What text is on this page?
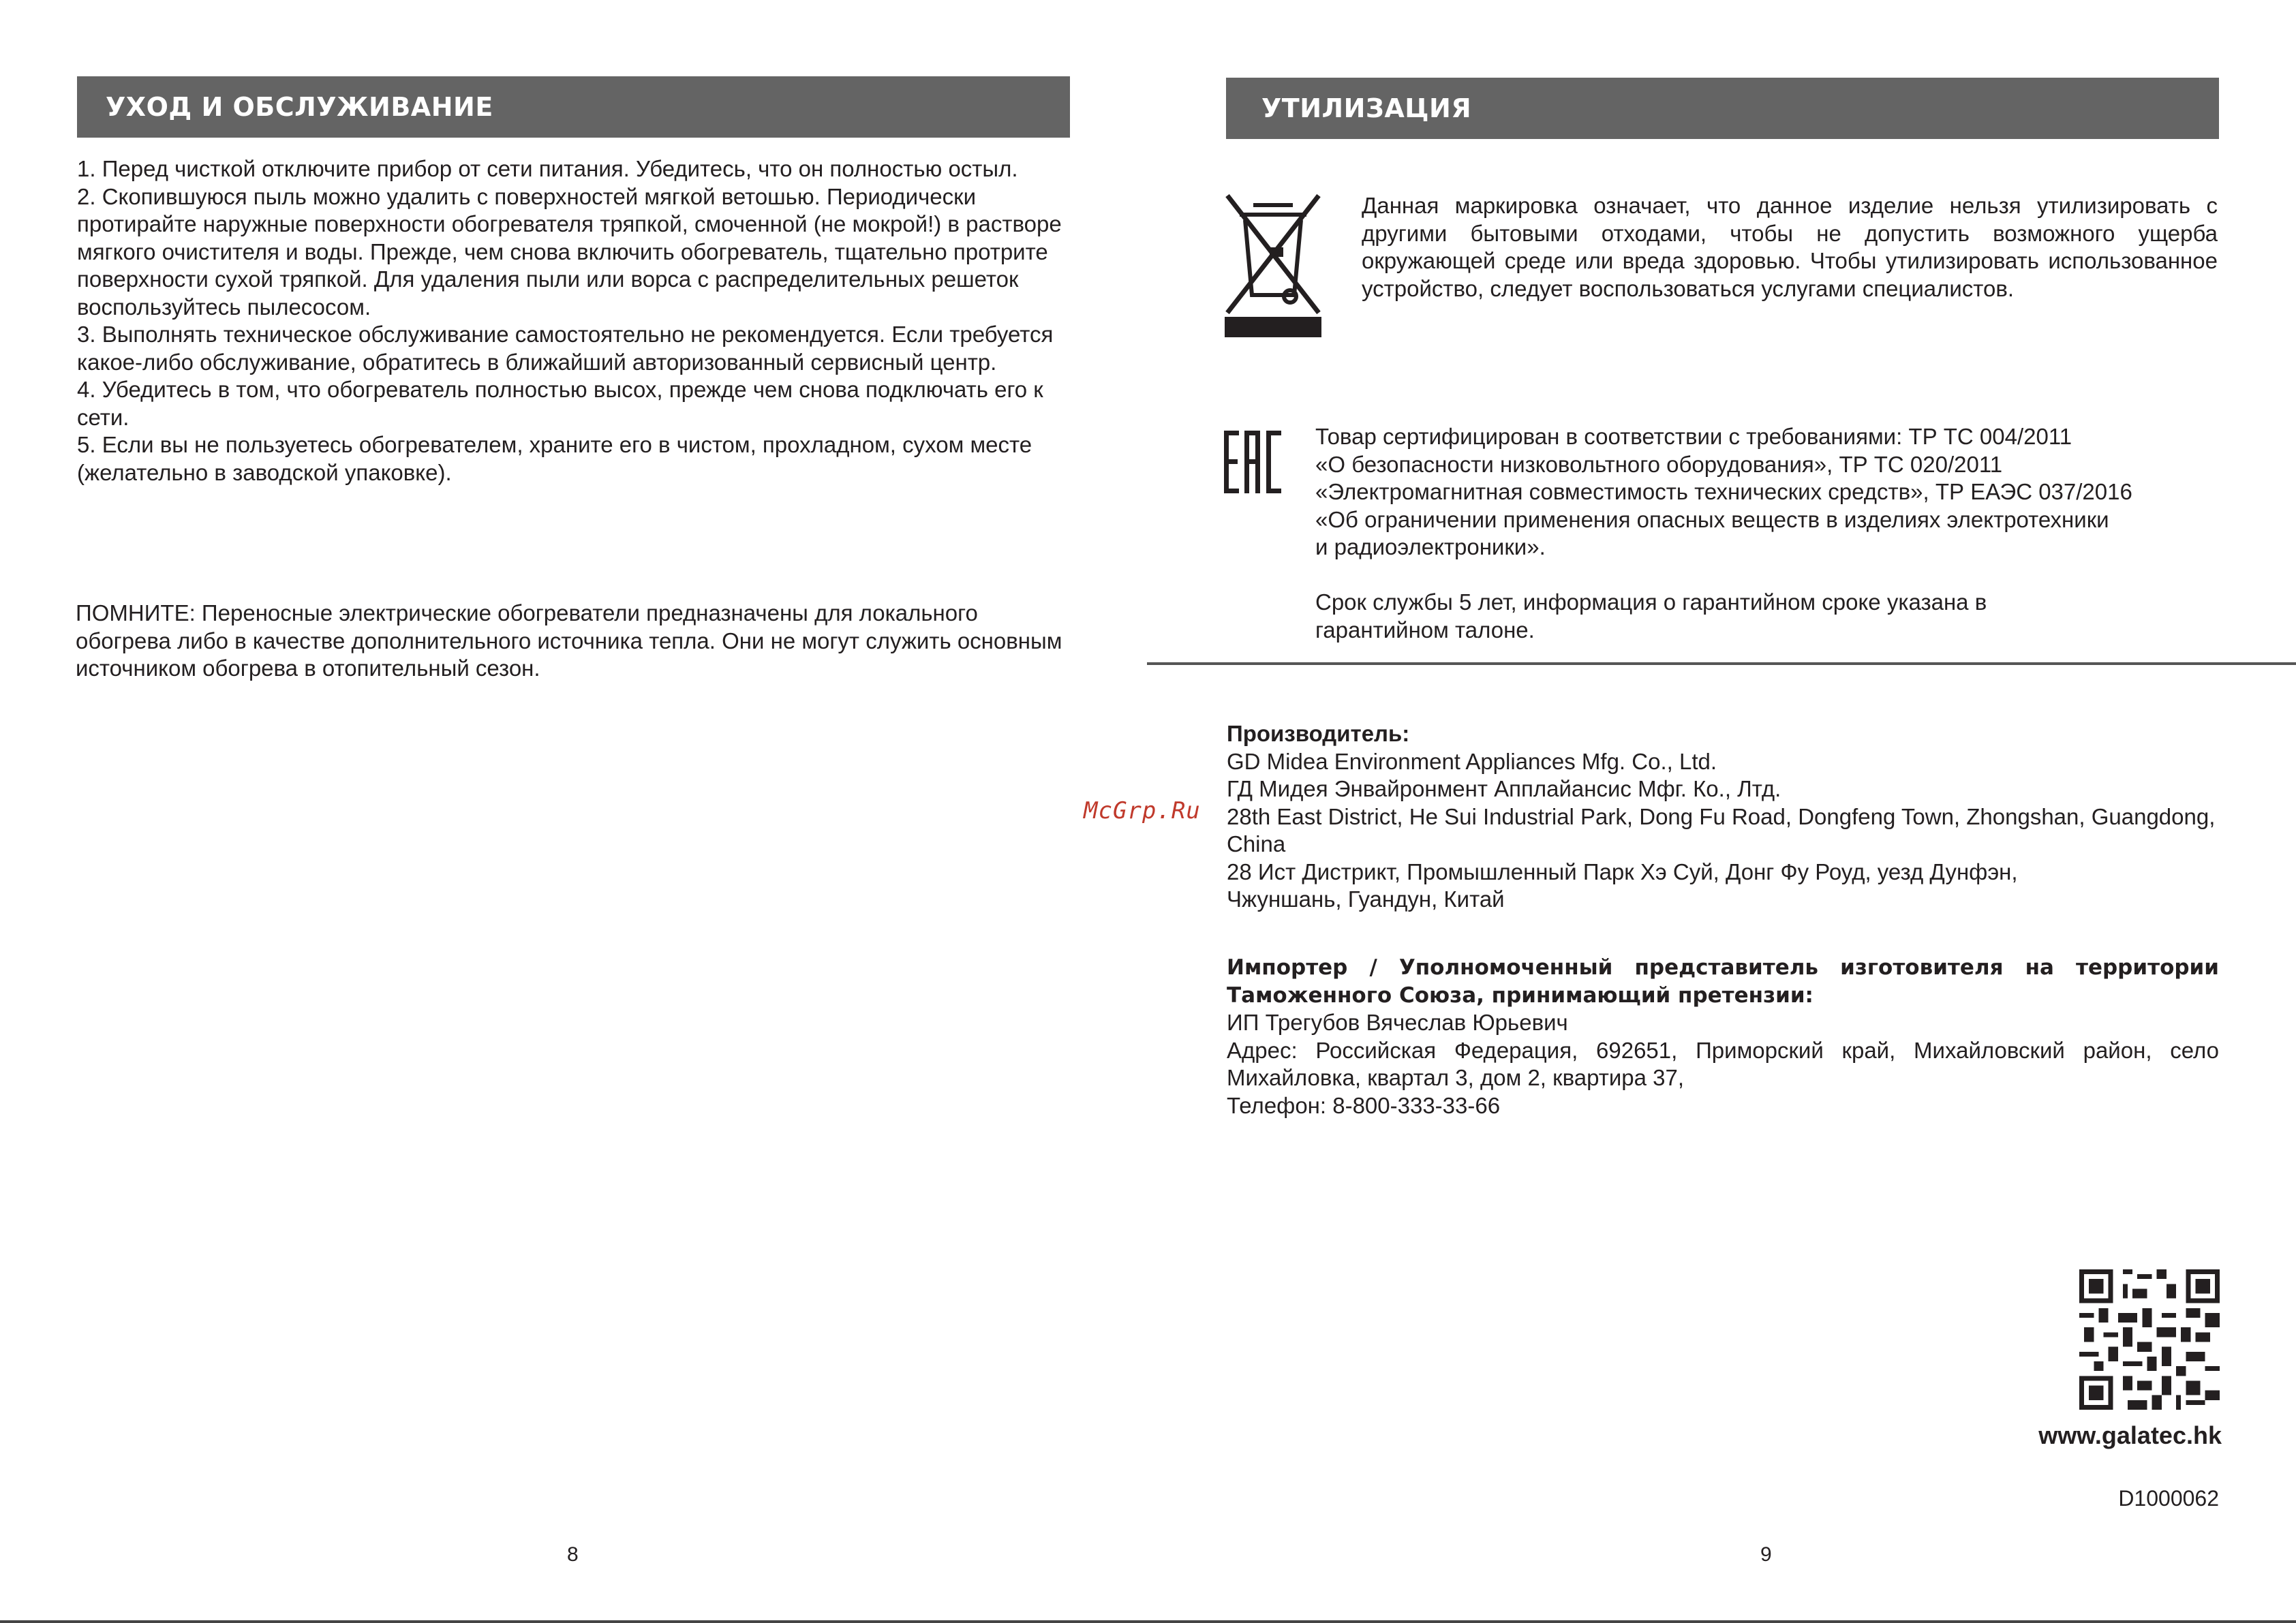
УХОД И ОБСЛУЖИВАНИЕ

1. Перед чисткой отключите прибор от сети питания. Убедитесь, что он полностью остыл.

2. Скопившуюся пыль можно удалить с поверхностей мягкой ветошью. Периодически протирайте наружные поверхности обогревателя тряпкой, смоченной (не мокрой!) в растворе мягкого очистителя и воды. Прежде, чем снова включить обогреватель, тщательно протрите поверхности сухой тряпкой. Для удаления пыли или ворса с распределительных решеток воспользуйтесь пылесосом.

3. Выполнять техническое обслуживание самостоятельно не рекомендуется. Если требуется какое-либо обслуживание, обратитесь в ближайший авторизованный сервисный центр.

4. Убедитесь в том, что обогреватель полностью высох, прежде чем снова подключать его к сети.

5. Если вы не пользуетесь обогревателем, храните его в чистом, прохладном, сухом месте (желательно в заводской упаковке).

ПОМНИТЕ: Переносные электрические обогреватели предназначены для локального обогрева либо в качестве дополнительного источника тепла. Они не могут служить основным источником обогрева в отопительный сезон.

8
УТИЛИЗАЦИЯ

Данная маркировка означает, что данное изделие нельзя утилизировать с другими бытовыми отходами, чтобы не допустить возможного ущерба окружающей среде или вреда здоровью. Чтобы утилизировать использованное устройство, следует воспользоваться услугами специалистов.

EAC	Товар сертифицирован в соответствии с требованиями: ТР ТС 004/2011

«О безопасности низковольтного оборудования», ТР ТС 020/2011

«Электромагнитная совместимость технических средств», ТР ЕАЭС 037/2016

«Об ограничении применения опасных веществ в изделиях электротехники

и радиоэлектроники».

Срок службы 5 лет, информация о гарантийном сроке указана в гарантийном талоне.

Производитель:

GD Midea Environment Appliances Mfg. Co., Ltd.

ГД Мидея Энвайронмент Апплайансис Мфг. Ко., Лтд.

28th East District, He Sui Industrial Park, Dong Fu Road, Dongfeng Town, Zhongshan, Guangdong, China

28 Ист Дистрикт, Промышленный Парк Хэ Суй, Донг Фу Роуд, уезд Дунфэн, Чжуншань, Гуандун, Китай

Импортер / Уполномоченный представитель изготовителя на территории Таможенного Союза, принимающий претензии:

ИП Трегубов Вячеслав Юрьевич

Адрес: Российская Федерация, 692651, Приморский край, Михайловский район, село Михайловка, квартал 3, дом 2, квартира 37,

Телефон: 8-800-333-33-66

McGrp.Ru
www.galatec.hk
D1000062
9
